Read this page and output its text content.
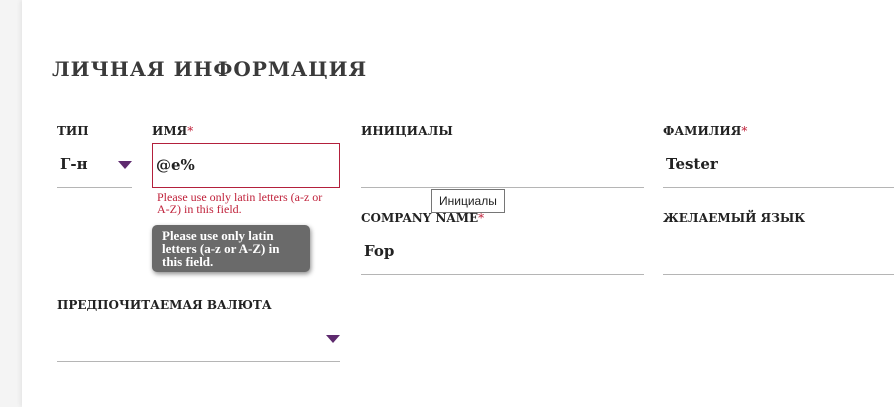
ЛИЧНАЯ ИНФОРМАЦИЯ
ТИП
Г-н
ИМЯ*
@e%
Please use only latin letters (a-z or A-Z) in this field.
Please use only latin letters (a-z or A-Z) in this field.
ИНИЦИАЛЫ
Инициалы
ФАМИЛИЯ*
Tester
COMPANY NAME*
Fop
ЖЕЛАЕМЫЙ ЯЗЫК
ПРЕДПОЧИТАЕМАЯ ВАЛЮТА
